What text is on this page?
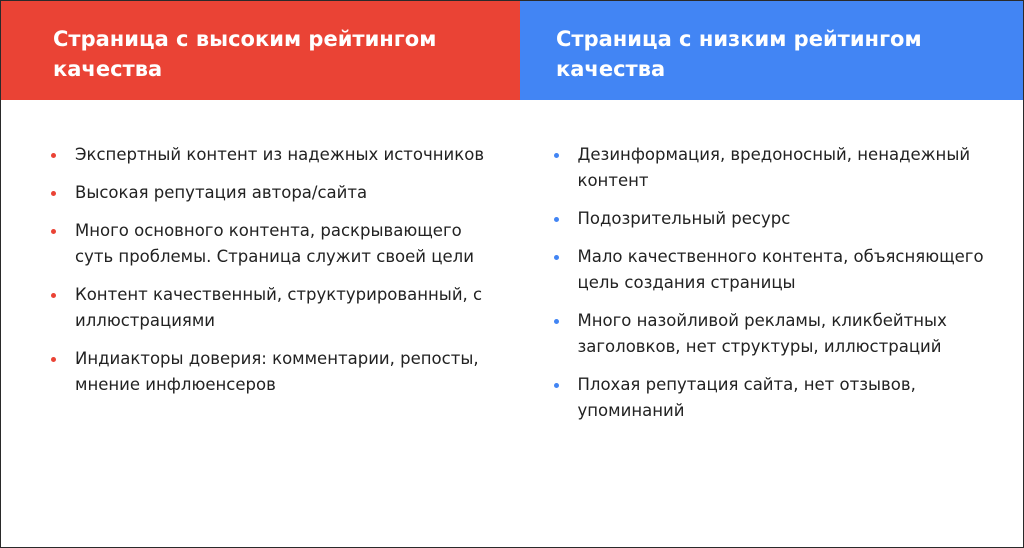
Страница с высоким рейтингом качества
Страница с низким рейтингом качества
Экспертный контент из надежных источников
Высокая репутация автора/сайта
Много основного контента, раскрывающего суть проблемы. Страница служит своей цели
Контент качественный, структурированный, с иллюстрациями
Индиакторы доверия: комментарии, репосты, мнение инфлюенсеров
Дезинформация, вредоносный, ненадежный контент
Подозрительный ресурс
Мало качественного контента, объясняющего цель создания страницы
Много назойливой рекламы, кликбейтных заголовков, нет структуры, иллюстраций
Плохая репутация сайта, нет отзывов, упоминаний
